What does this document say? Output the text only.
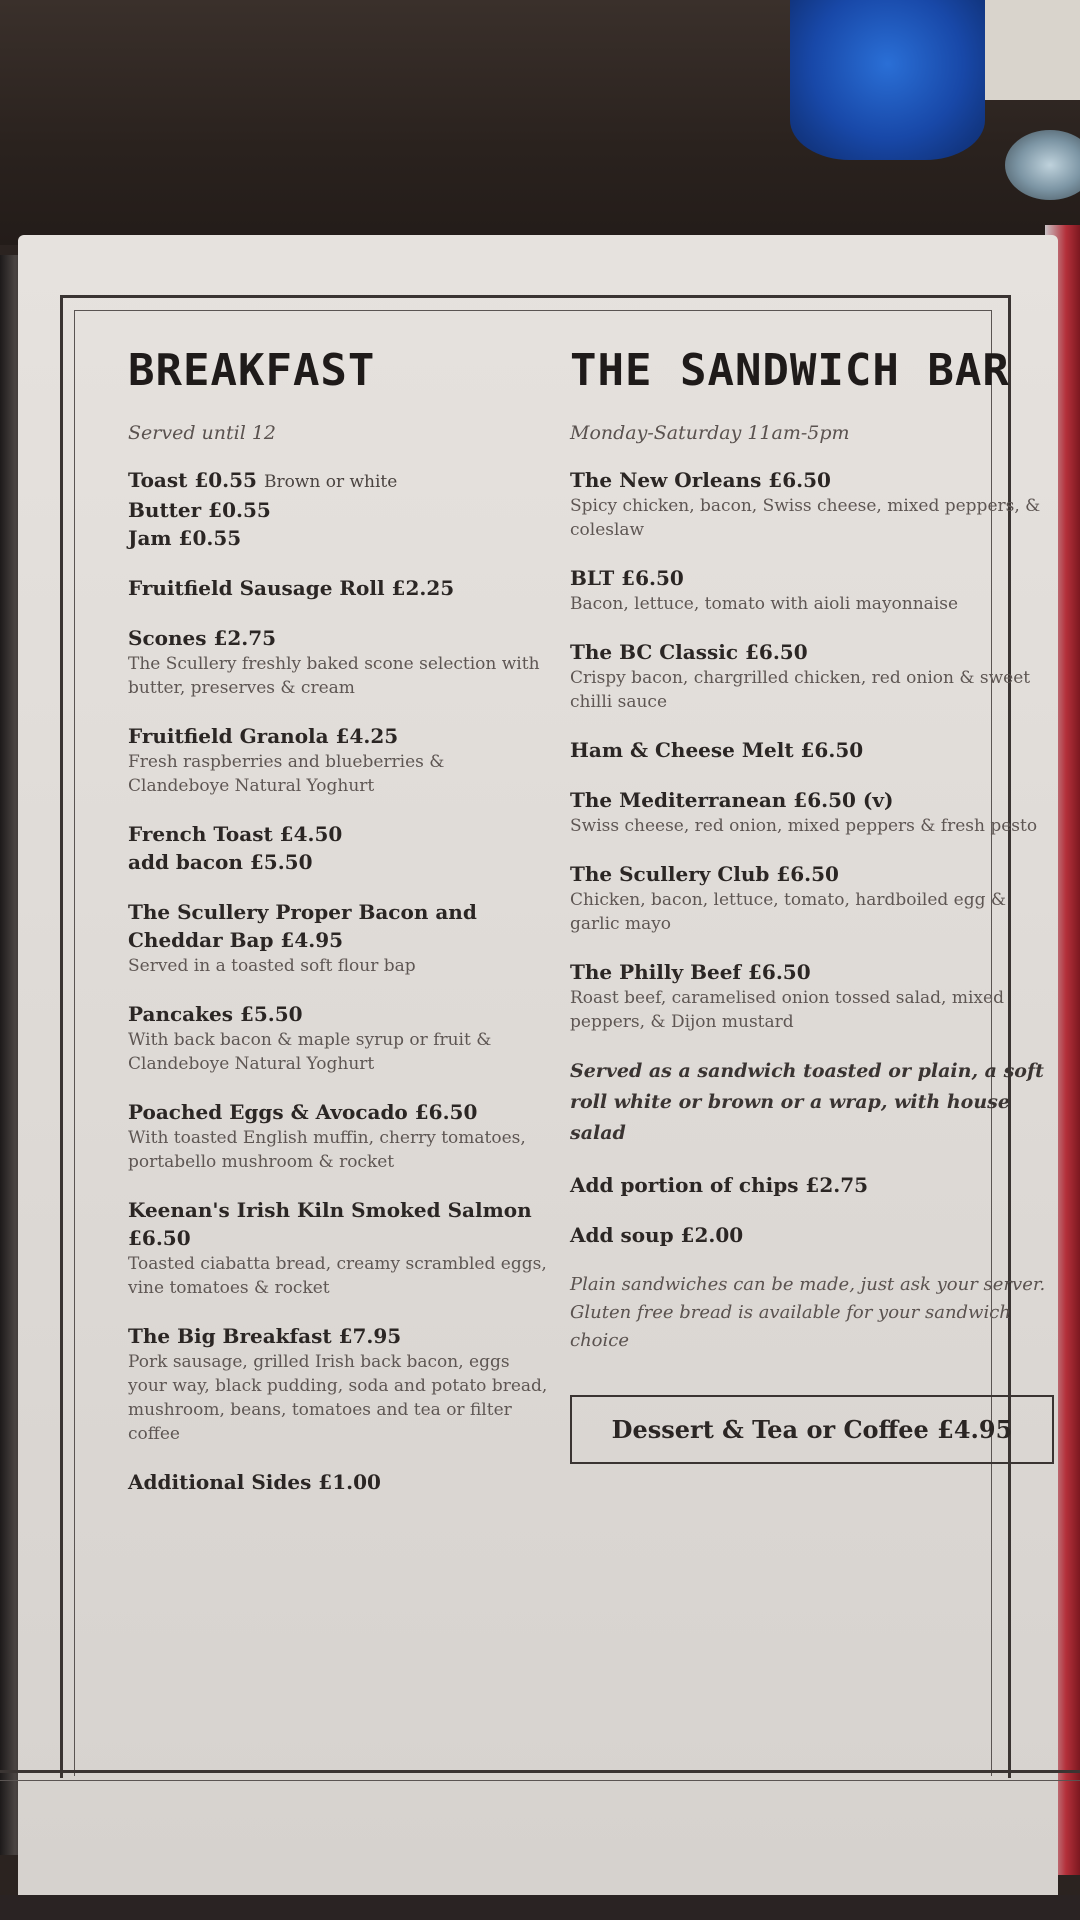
BREAKFAST
Served until 12
Toast £0.55 Brown or white
Butter £0.55
Jam £0.55
Fruitfield Sausage Roll £2.25
Scones £2.75
The Scullery freshly baked scone selection with butter, preserves & cream
Fruitfield Granola £4.25
Fresh raspberries and blueberries & Clandeboye Natural Yoghurt
French Toast £4.50
add bacon £5.50
The Scullery Proper Bacon and Cheddar Bap £4.95
Served in a toasted soft flour bap
Pancakes £5.50
With back bacon & maple syrup or fruit & Clandeboye Natural Yoghurt
Poached Eggs & Avocado £6.50
With toasted English muffin, cherry tomatoes, portabello mushroom & rocket
Keenan's Irish Kiln Smoked Salmon £6.50
Toasted ciabatta bread, creamy scrambled eggs, vine tomatoes & rocket
The Big Breakfast £7.95
Pork sausage, grilled Irish back bacon, eggs your way, black pudding, soda and potato bread, mushroom, beans, tomatoes and tea or filter coffee
Additional Sides £1.00
THE SANDWICH BAR
Monday-Saturday 11am-5pm
The New Orleans £6.50
Spicy chicken, bacon, Swiss cheese, mixed peppers, & coleslaw
BLT £6.50
Bacon, lettuce, tomato with aioli mayonnaise
The BC Classic £6.50
Crispy bacon, chargrilled chicken, red onion & sweet chilli sauce
Ham & Cheese Melt £6.50
The Mediterranean £6.50 (v)
Swiss cheese, red onion, mixed peppers & fresh pesto
The Scullery Club £6.50
Chicken, bacon, lettuce, tomato, hardboiled egg & garlic mayo
The Philly Beef £6.50
Roast beef, caramelised onion tossed salad, mixed peppers, & Dijon mustard
Served as a sandwich toasted or plain, a soft roll white or brown or a wrap, with house salad
Add portion of chips £2.75
Add soup £2.00
Plain sandwiches can be made, just ask your server. Gluten free bread is available for your sandwich choice
Dessert & Tea or Coffee £4.95
